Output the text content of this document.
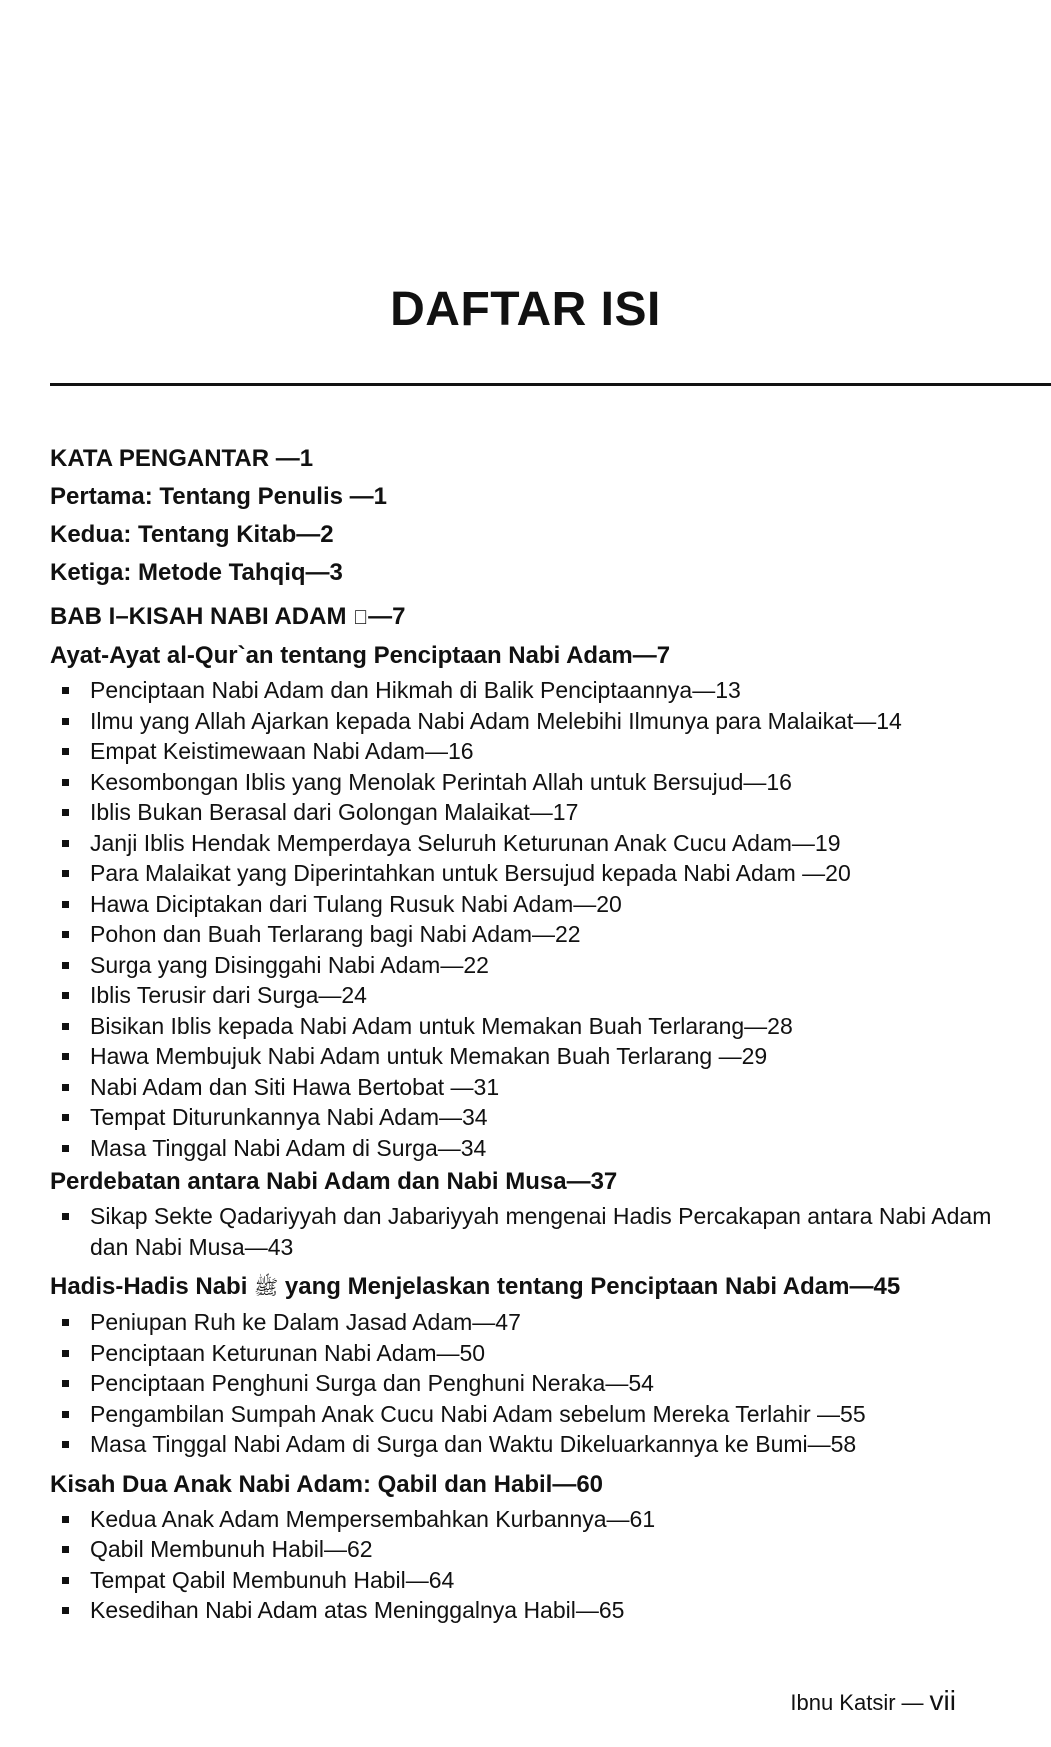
DAFTAR ISI

KATA PENGANTAR —1

Pertama: Tentang Penulis —1

Kedua: Tentang Kitab—2

Ketiga: Metode Tahqiq—3

BAB I–KISAH NABI ADAM ﷤—7

Ayat-Ayat al-Qur`an tentang Penciptaan Nabi Adam—7

Penciptaan Nabi Adam dan Hikmah di Balik Penciptaannya—13
Ilmu yang Allah Ajarkan kepada Nabi Adam Melebihi Ilmunya para Malaikat—14
Empat Keistimewaan Nabi Adam—16
Kesombongan Iblis yang Menolak Perintah Allah untuk Bersujud—16
Iblis Bukan Berasal dari Golongan Malaikat—17
Janji Iblis Hendak Memperdaya Seluruh Keturunan Anak Cucu Adam—19
Para Malaikat yang Diperintahkan untuk Bersujud kepada Nabi Adam —20
Hawa Diciptakan dari Tulang Rusuk Nabi Adam—20
Pohon dan Buah Terlarang bagi Nabi Adam—22
Surga yang Disinggahi Nabi Adam—22
Iblis Terusir dari Surga—24
Bisikan Iblis kepada Nabi Adam untuk Memakan Buah Terlarang—28
Hawa Membujuk Nabi Adam untuk Memakan Buah Terlarang —29
Nabi Adam dan Siti Hawa Bertobat —31
Tempat Diturunkannya Nabi Adam—34
Masa Tinggal Nabi Adam di Surga—34

Perdebatan antara Nabi Adam dan Nabi Musa—37

Sikap Sekte Qadariyyah dan Jabariyyah mengenai Hadis Percakapan antara Nabi Adam dan Nabi Musa—43

Hadis-Hadis Nabi ﷺ yang Menjelaskan tentang Penciptaan Nabi Adam—45

Peniupan Ruh ke Dalam Jasad Adam—47
Penciptaan Keturunan Nabi Adam—50
Penciptaan Penghuni Surga dan Penghuni Neraka—54
Pengambilan Sumpah Anak Cucu Nabi Adam sebelum Mereka Terlahir —55
Masa Tinggal Nabi Adam di Surga dan Waktu Dikeluarkannya ke Bumi—58

Kisah Dua Anak Nabi Adam: Qabil dan Habil—60

Kedua Anak Adam Mempersembahkan Kurbannya—61
Qabil Membunuh Habil—62
Tempat Qabil Membunuh Habil—64
Kesedihan Nabi Adam atas Meninggalnya Habil—65
Ibnu Katsir — vii
